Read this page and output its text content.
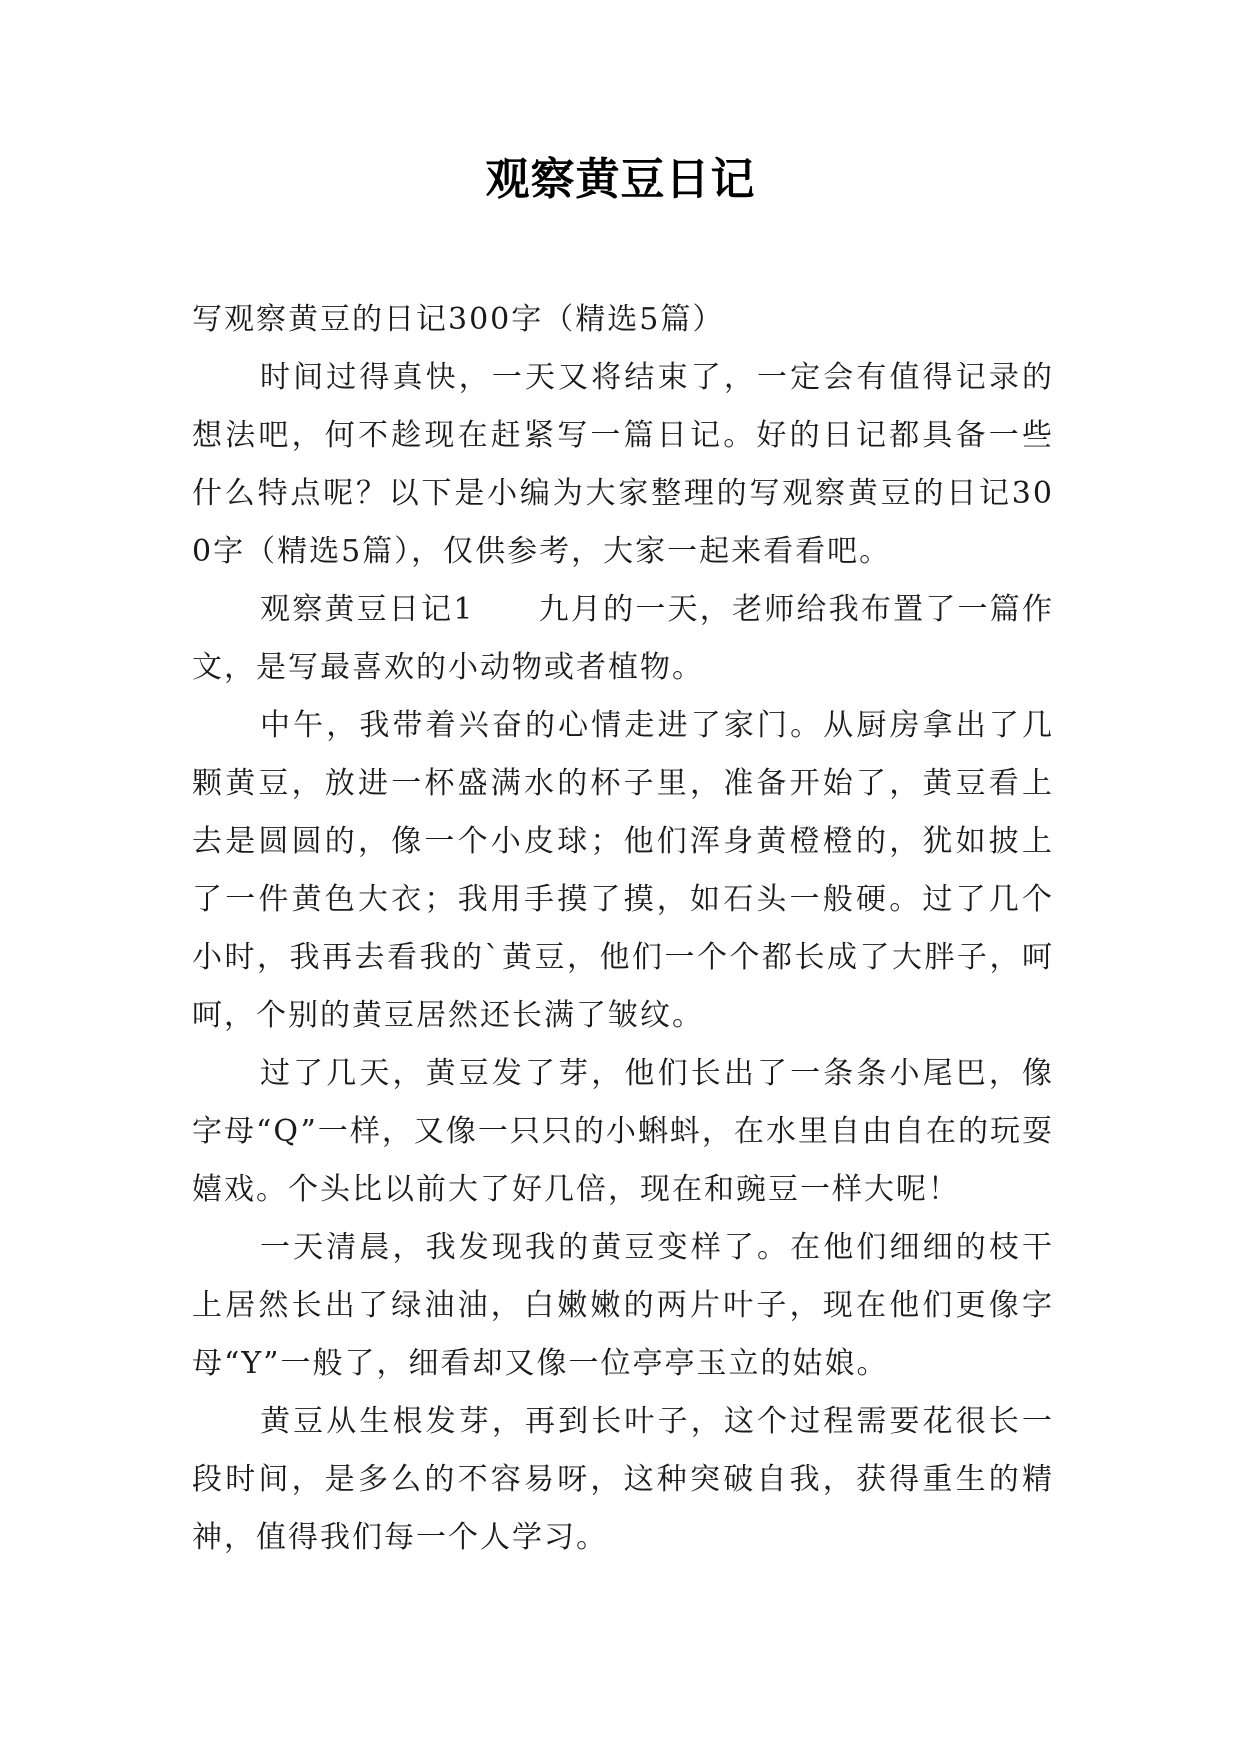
观察黄豆日记

写观察黄豆的日记300字（精选5篇）

时间过得真快，一天又将结束了，一定会有值得记录的想法吧，何不趁现在赶紧写一篇日记。好的日记都具备一些什么特点呢？以下是小编为大家整理的写观察黄豆的日记300字（精选5篇），仅供参考，大家一起来看看吧。

观察黄豆日记1 九月的一天，老师给我布置了一篇作文，是写最喜欢的小动物或者植物。

中午，我带着兴奋的心情走进了家门。从厨房拿出了几颗黄豆，放进一杯盛满水的杯子里，准备开始了，黄豆看上去是圆圆的，像一个小皮球；他们浑身黄橙橙的，犹如披上了一件黄色大衣；我用手摸了摸，如石头一般硬。过了几个小时，我再去看我的`黄豆，他们一个个都长成了大胖子，呵呵，个别的黄豆居然还长满了皱纹。

过了几天，黄豆发了芽，他们长出了一条条小尾巴，像字母“Q”一样，又像一只只的小蝌蚪，在水里自由自在的玩耍嬉戏。个头比以前大了好几倍，现在和豌豆一样大呢！

一天清晨，我发现我的黄豆变样了。在他们细细的枝干上居然长出了绿油油，白嫩嫩的两片叶子，现在他们更像字母“Y”一般了，细看却又像一位亭亭玉立的姑娘。

黄豆从生根发芽，再到长叶子，这个过程需要花很长一段时间，是多么的不容易呀，这种突破自我，获得重生的精神，值得我们每一个人学习。
